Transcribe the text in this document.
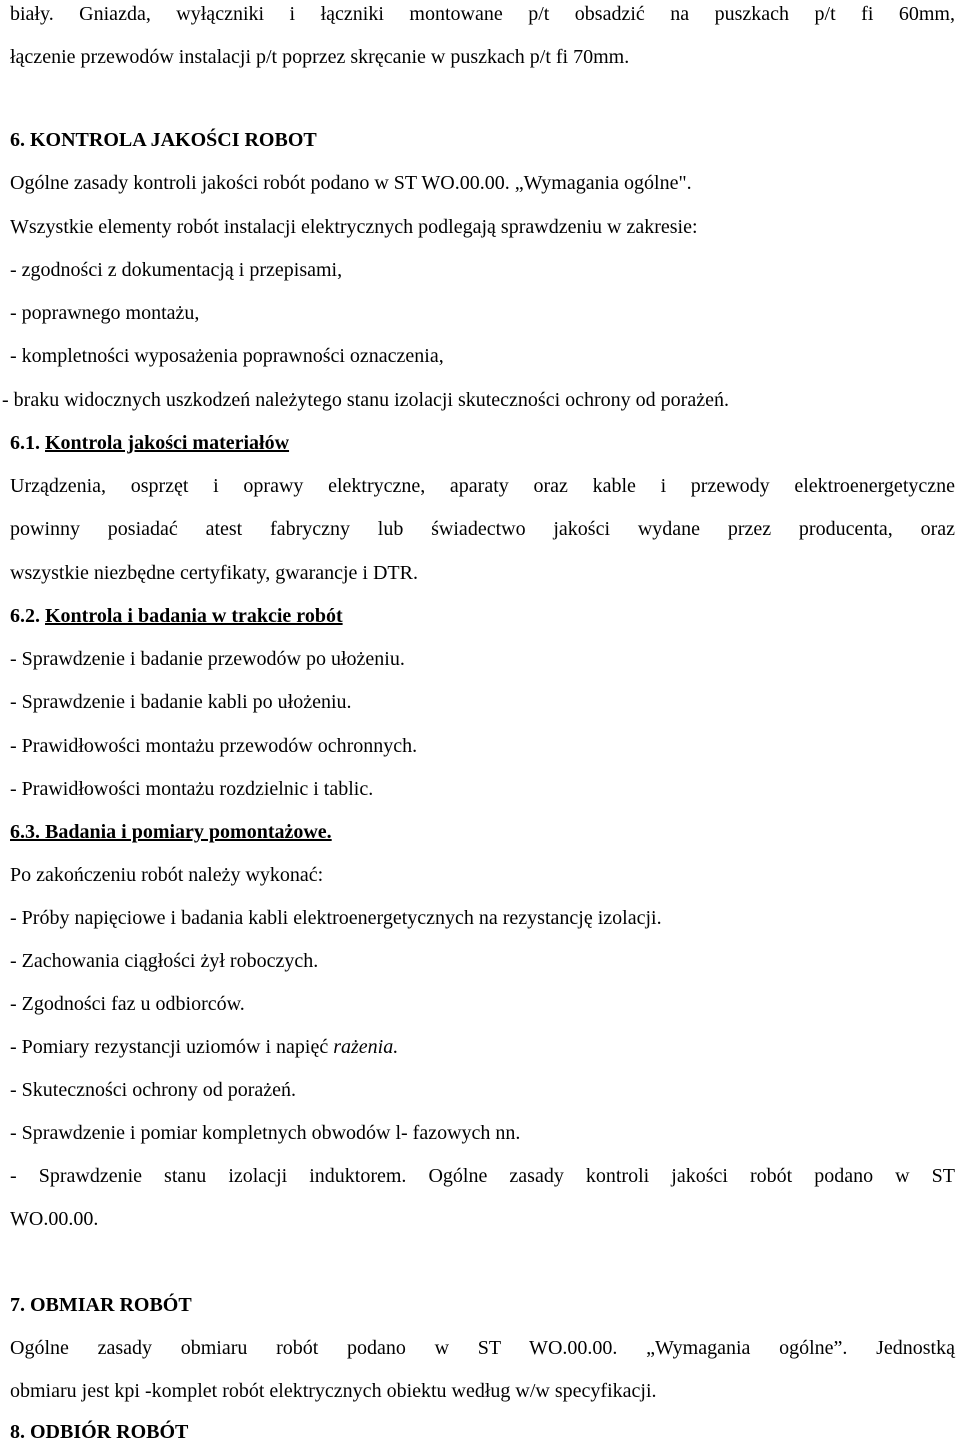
biały. Gniazda, wyłączniki i łączniki montowane p/t obsadzić na puszkach p/t fi 60mm,

łączenie przewodów instalacji p/t poprzez skręcanie w puszkach p/t fi 70mm.

6. KONTROLA JAKOŚCI ROBOT

Ogólne zasady kontroli jakości robót podano w ST WO.00.00. „Wymagania ogólne".

Wszystkie elementy robót instalacji elektrycznych podlegają sprawdzeniu w zakresie:

- zgodności z dokumentacją i przepisami,

- poprawnego montażu,

- kompletności wyposażenia poprawności oznaczenia,

- braku widocznych uszkodzeń należytego stanu izolacji skuteczności ochrony od porażeń.

6.1. Kontrola jakości materiałów

Urządzenia, osprzęt i oprawy elektryczne, aparaty oraz kable i przewody elektroenergetyczne

powinny posiadać atest fabryczny lub świadectwo jakości wydane przez producenta, oraz

wszystkie niezbędne certyfikaty, gwarancje i DTR.

6.2. Kontrola i badania w trakcie robót

- Sprawdzenie i badanie przewodów po ułożeniu.

- Sprawdzenie i badanie kabli po ułożeniu.

- Prawidłowości montażu przewodów ochronnych.

- Prawidłowości montażu rozdzielnic i tablic.

6.3. Badania i pomiary pomontażowe.

Po zakończeniu robót należy wykonać:

- Próby napięciowe i badania kabli elektroenergetycznych na rezystancję izolacji.

- Zachowania ciągłości żył roboczych.

- Zgodności faz u odbiorców.

- Pomiary rezystancji uziomów i napięć rażenia.

- Skuteczności ochrony od porażeń.

- Sprawdzenie i pomiar kompletnych obwodów l- fazowych nn.

- Sprawdzenie stanu izolacji induktorem. Ogólne zasady kontroli jakości robót podano w ST

WO.00.00.

7. OBMIAR ROBÓT

Ogólne zasady obmiaru robót podano w ST WO.00.00. „Wymagania ogólne”. Jednostką

obmiaru jest kpi -komplet robót elektrycznych obiektu według w/w specyfikacji.

8. ODBIÓR ROBÓT
